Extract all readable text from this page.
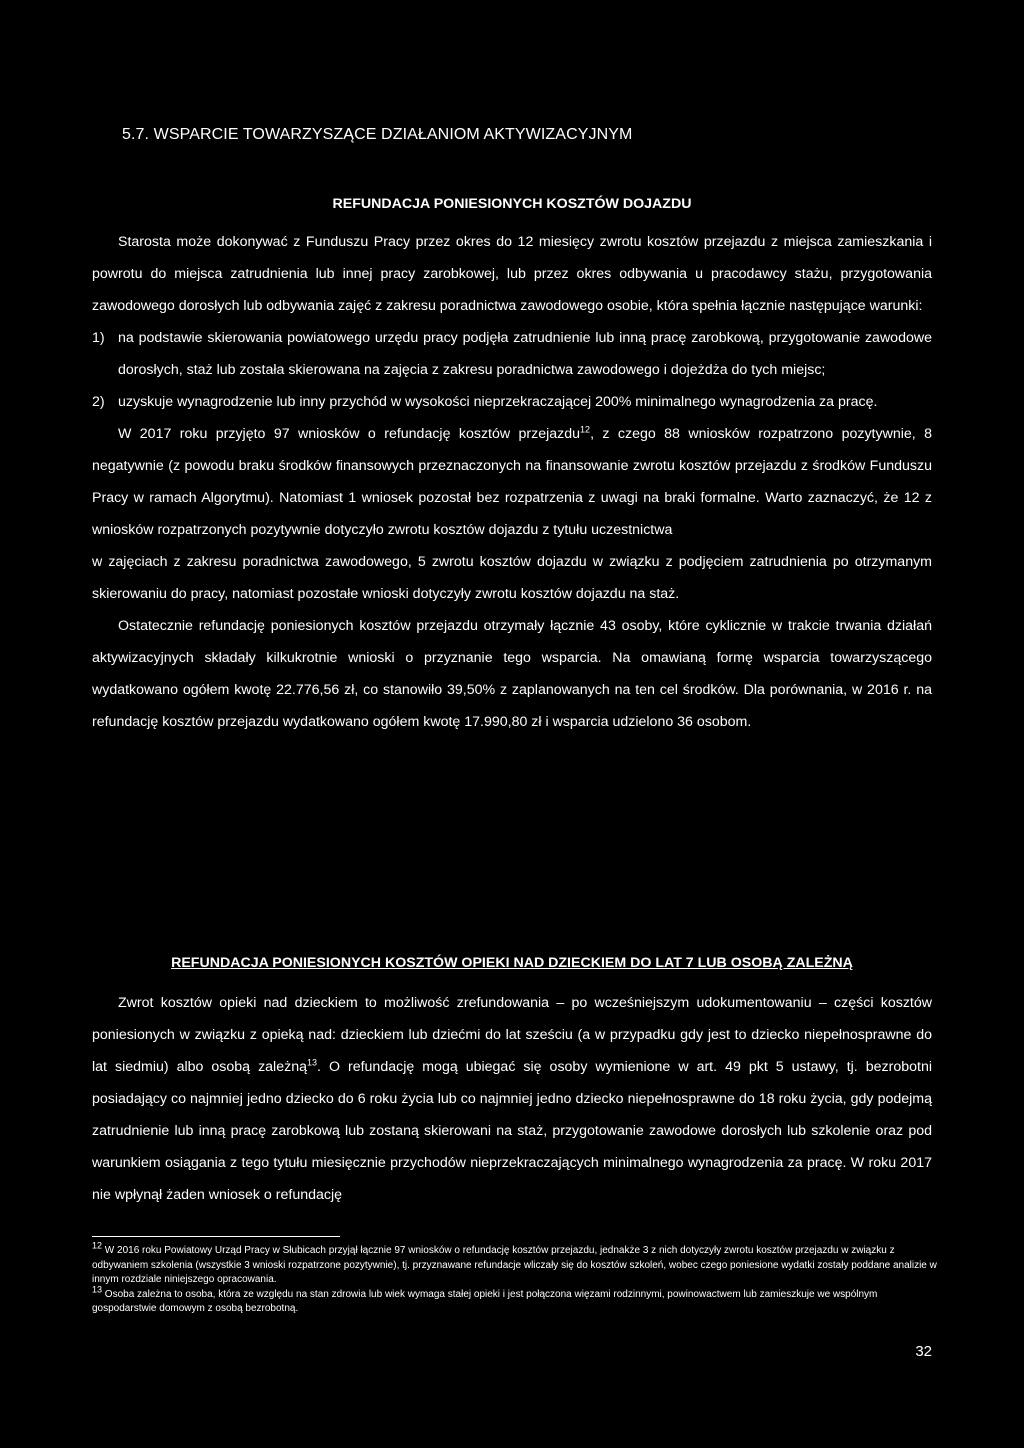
5.7. WSPARCIE TOWARZYSZĄCE DZIAŁANIOM AKTYWIZACYJNYM
REFUNDACJA PONIESIONYCH KOSZTÓW DOJAZDU

Starosta może dokonywać z Funduszu Pracy przez okres do 12 miesięcy zwrotu kosztów przejazdu z miejsca zamieszkania i powrotu do miejsca zatrudnienia lub innej pracy zarobkowej, lub przez okres odbywania u pracodawcy stażu, przygotowania zawodowego dorosłych lub odbywania zajęć z zakresu poradnictwa zawodowego osobie, która spełnia łącznie następujące warunki:

1) na podstawie skierowania powiatowego urzędu pracy podjęła zatrudnienie lub inną pracę zarobkową, przygotowanie zawodowe dorosłych, staż lub została skierowana na zajęcia z zakresu poradnictwa zawodowego i dojeżdża do tych miejsc;
2) uzyskuje wynagrodzenie lub inny przychód w wysokości nieprzekraczającej 200% minimalnego wynagrodzenia za pracę.

W 2017 roku przyjęto 97 wniosków o refundację kosztów przejazdu$^{12}$, z czego 88 wniosków rozpatrzono pozytywnie, 8 negatywnie (z powodu braku środków finansowych przeznaczonych na finansowanie zwrotu kosztów przejazdu z środków Funduszu Pracy w ramach Algorytmu). Natomiast 1 wniosek pozostał bez rozpatrzenia z uwagi na braki formalne. Warto zaznaczyć, że 12 z wniosków rozpatrzonych pozytywnie dotyczyło zwrotu kosztów dojazdu z tytułu uczestnictwa

w zajęciach z zakresu poradnictwa zawodowego, 5 zwrotu kosztów dojazdu w związku z podjęciem zatrudnienia po otrzymanym skierowaniu do pracy, natomiast pozostałe wnioski dotyczyły zwrotu kosztów dojazdu na staż.

Ostatecznie refundację poniesionych kosztów przejazdu otrzymały łącznie 43 osoby, które cyklicznie w trakcie trwania działań aktywizacyjnych składały kilkukrotnie wnioski o przyznanie tego wsparcia. Na omawianą formę wsparcia towarzyszącego wydatkowano ogółem kwotę 22.776,56 zł, co stanowiło 39,50% z zaplanowanych na ten cel środków. Dla porównania, w 2016 r. na refundację kosztów przejazdu wydatkowano ogółem kwotę 17.990,80 zł i wsparcia udzielono 36 osobom.

REFUNDACJA PONIESIONYCH KOSZTÓW OPIEKI NAD DZIECKIEM DO LAT 7 LUB OSOBĄ ZALEŻNĄ

Zwrot kosztów opieki nad dzieckiem to możliwość zrefundowania – po wcześniejszym udokumentowaniu – części kosztów poniesionych w związku z opieką nad: dzieckiem lub dziećmi do lat sześciu (a w przypadku gdy jest to dziecko niepełnosprawne do lat siedmiu) albo osobą zależną$^{13}$. O refundację mogą ubiegać się osoby wymienione w art. 49 pkt 5 ustawy, tj. bezrobotni posiadający co najmniej jedno dziecko do 6 roku życia lub co najmniej jedno dziecko niepełnosprawne do 18 roku życia, gdy podejmą zatrudnienie lub inną pracę zarobkową lub zostaną skierowani na staż, przygotowanie zawodowe dorosłych lub szkolenie oraz pod warunkiem osiągania z tego tytułu miesięcznie przychodów nieprzekraczających minimalnego wynagrodzenia za pracę. W roku 2017 nie wpłynął żaden wniosek o refundację

$^{12}$ W 2016 roku Powiatowy Urząd Pracy w Słubicach przyjął łącznie 97 wniosków o refundację kosztów przejazdu, jednakże 3 z nich dotyczyły zwrotu kosztów przejazdu w związku z odbywaniem szkolenia (wszystkie 3 wnioski rozpatrzone pozytywnie), tj. przyznawane refundacje wliczały się do kosztów szkoleń, wobec czego poniesione wydatki zostały poddane analizie w innym rozdziale niniejszego opracowania.

$^{13}$ Osoba zależna to osoba, która ze względu na stan zdrowia lub wiek wymaga stałej opieki i jest połączona więzami rodzinnymi, powinowactwem lub zamieszkuje we wspólnym gospodarstwie domowym z osobą bezrobotną.

32
